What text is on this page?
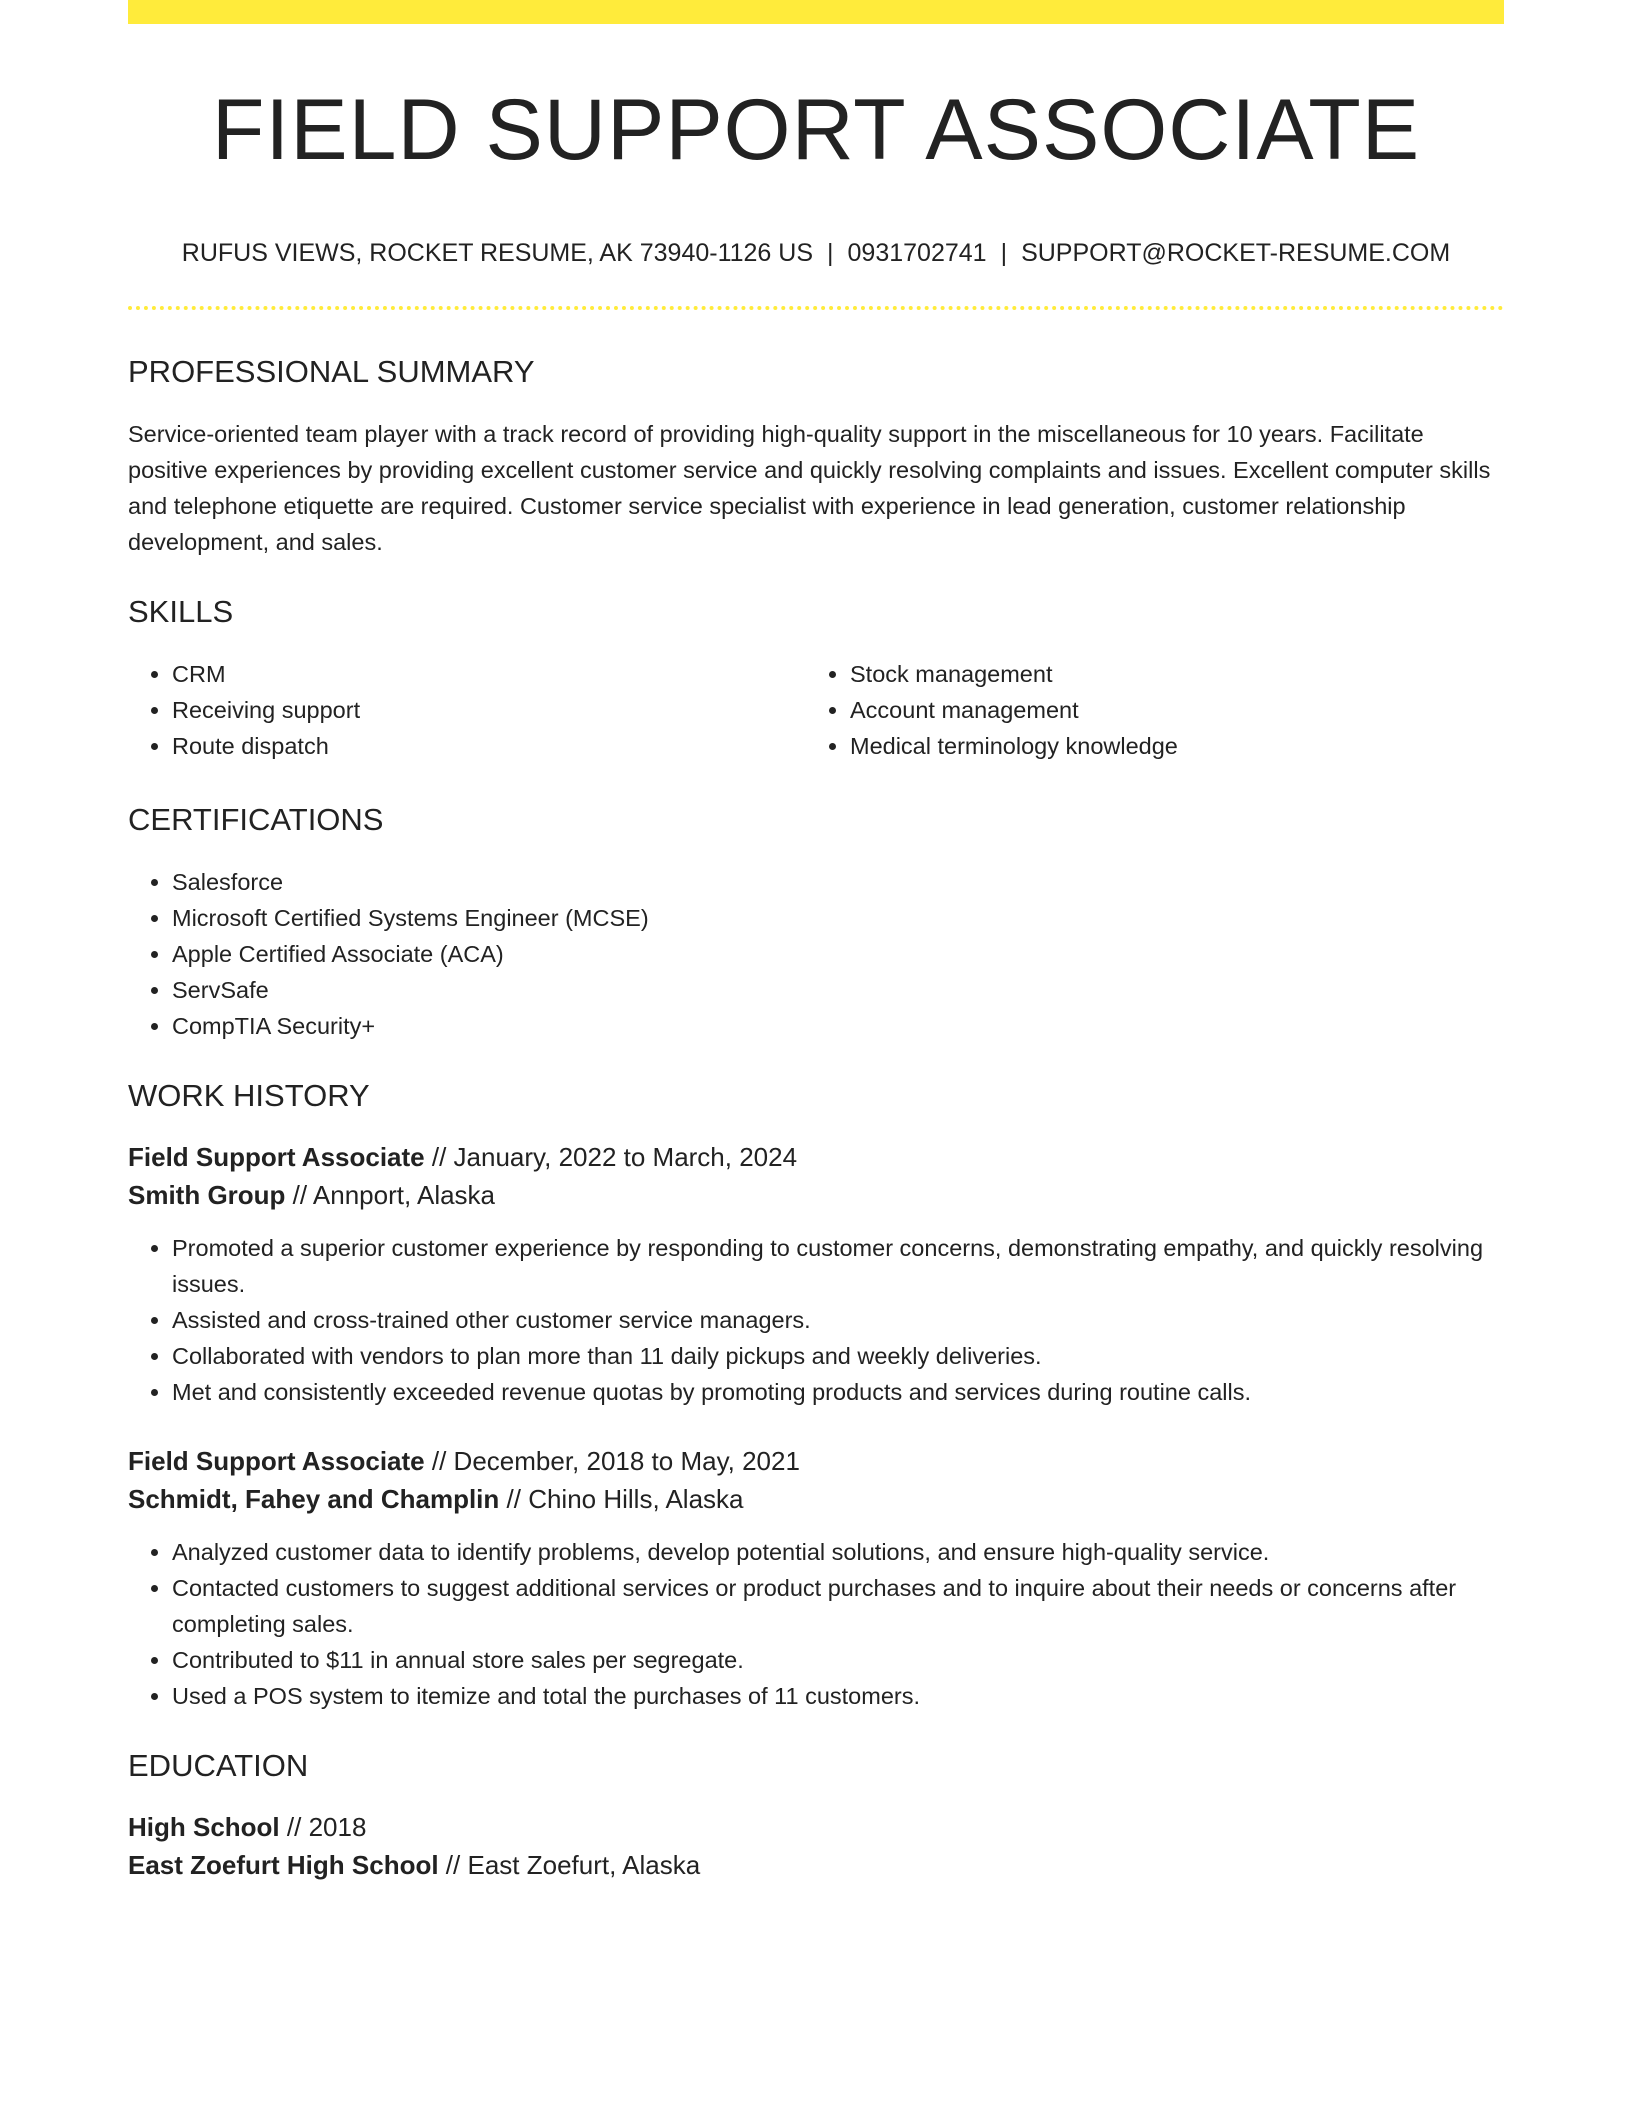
FIELD SUPPORT ASSOCIATE
RUFUS VIEWS, ROCKET RESUME, AK 73940-1126 US | 0931702741 | SUPPORT@ROCKET-RESUME.COM
PROFESSIONAL SUMMARY

Service-oriented team player with a track record of providing high-quality support in the miscellaneous for 10 years. Facilitate positive experiences by providing excellent customer service and quickly resolving complaints and issues. Excellent computer skills and telephone etiquette are required. Customer service specialist with experience in lead generation, customer relationship development, and sales.

SKILLS
• CRM
• Receiving support
• Route dispatch
• Stock management
• Account management
• Medical terminology knowledge
CERTIFICATIONS
• Salesforce
• Microsoft Certified Systems Engineer (MCSE)
• Apple Certified Associate (ACA)
• ServSafe
• CompTIA Security+
WORK HISTORY
Field Support Associate // January, 2022 to March, 2024
Smith Group // Annport, Alaska
• Promoted a superior customer experience by responding to customer concerns, demonstrating empathy, and quickly resolving issues.
• Assisted and cross-trained other customer service managers.
• Collaborated with vendors to plan more than 11 daily pickups and weekly deliveries.
• Met and consistently exceeded revenue quotas by promoting products and services during routine calls.
Field Support Associate // December, 2018 to May, 2021
Schmidt, Fahey and Champlin // Chino Hills, Alaska
• Analyzed customer data to identify problems, develop potential solutions, and ensure high-quality service.
• Contacted customers to suggest additional services or product purchases and to inquire about their needs or concerns after completing sales.
• Contributed to $11 in annual store sales per segregate.
• Used a POS system to itemize and total the purchases of 11 customers.
EDUCATION
High School // 2018
East Zoefurt High School // East Zoefurt, Alaska
